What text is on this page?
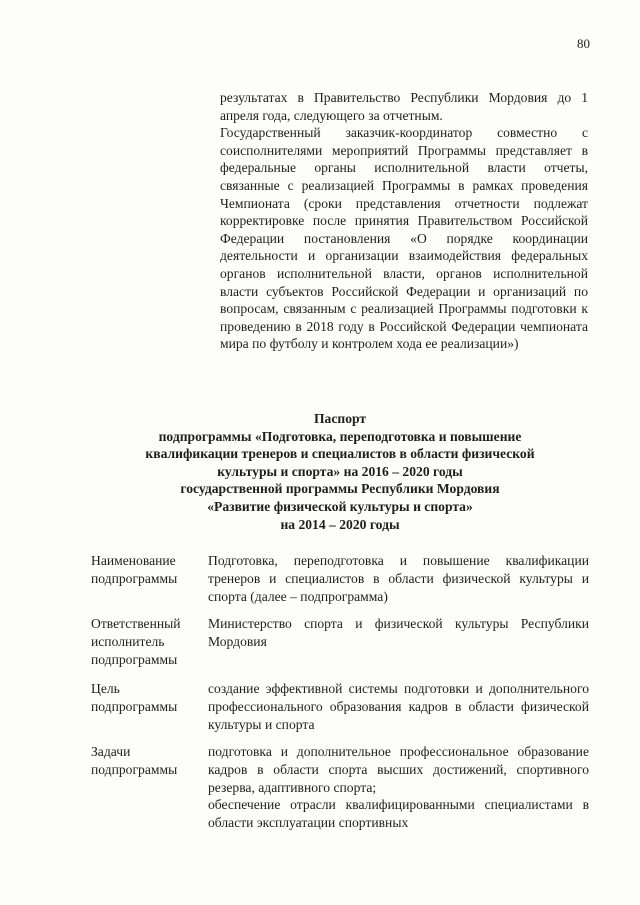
80

результатах в Правительство Республики Мордовия до 1 апреля года, следующего за отчетным.

Государственный заказчик-координатор совместно с соисполнителями мероприятий Программы представляет в федеральные органы исполнительной власти отчеты, связанные с реализацией Программы в рамках проведения Чемпионата (сроки представления отчетности подлежат корректировке после принятия Правительством Российской Федерации постановления «О порядке координации деятельности и организации взаимодействия федеральных органов исполнительной власти, органов исполнительной власти субъектов Российской Федерации и организаций по вопросам, связанным с реализацией Программы подготовки к проведению в 2018 году в Российской Федерации чемпионата мира по футболу и контролем хода ее реализации»)

Паспорт
подпрограммы «Подготовка, переподготовка и повышение
квалификации тренеров и специалистов в области физической
культуры и спорта» на 2016 – 2020 годы
государственной программы Республики Мордовия
«Развитие физической культуры и спорта»
на 2014 – 2020 годы
Наименование подпрограммы
Подготовка, переподготовка и повышение квалификации тренеров и специалистов в области физической культуры и спорта (далее – подпрограмма)
Ответственный исполнитель подпрограммы
Министерство спорта и физической культуры Республики Мордовия
Цель подпрограммы
создание эффективной системы подготовки и дополнительного профессионального образования кадров в области физической культуры и спорта
Задачи подпрограммы

подготовка и дополнительное профессиональное образование кадров в области спорта высших достижений, спортивного резерва, адаптивного спорта;

обеспечение отрасли квалифицированными специалистами в области эксплуатации спортивных
